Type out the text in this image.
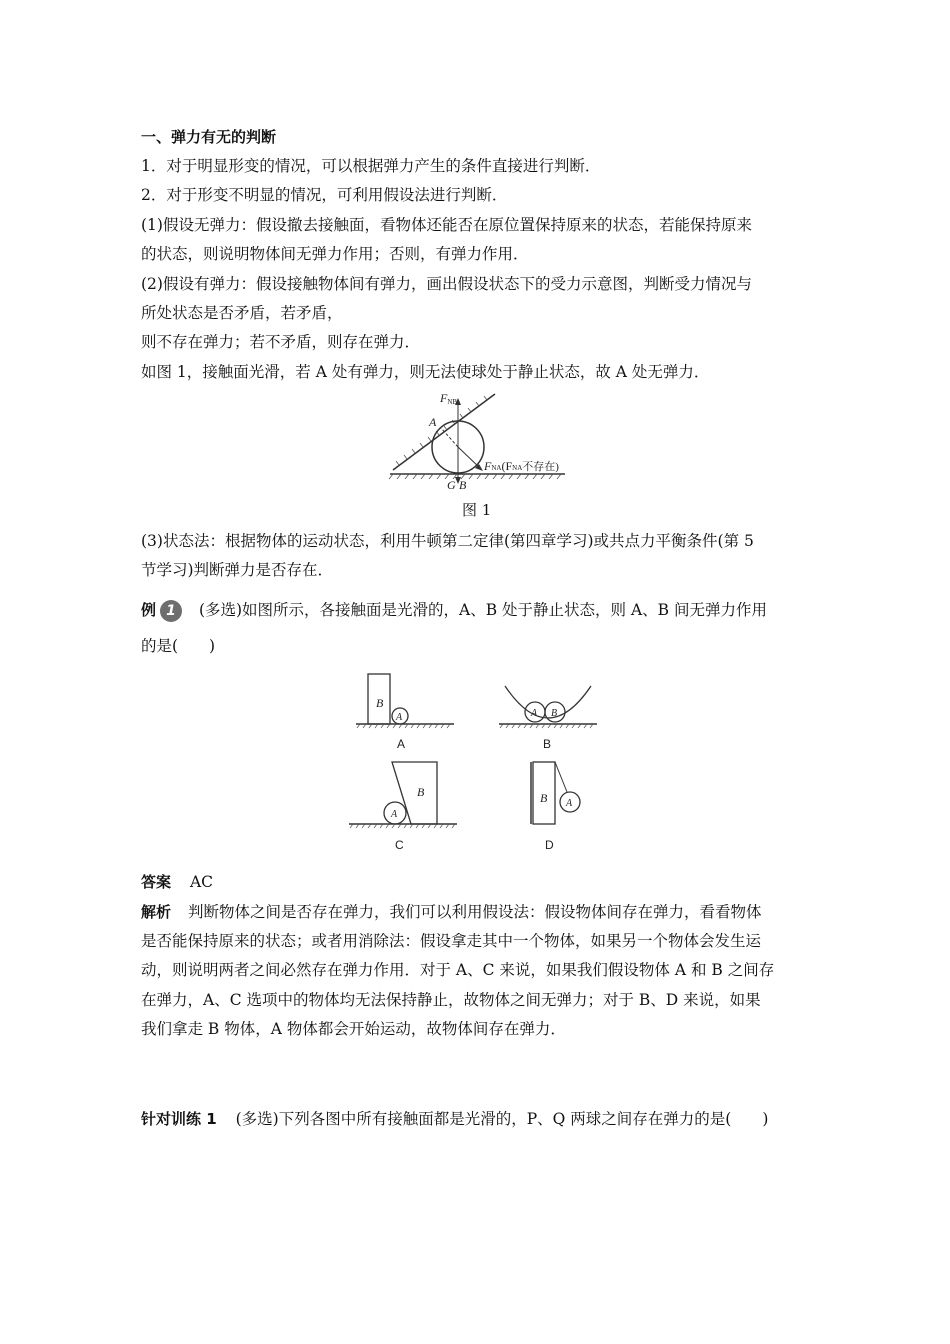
一、弹力有无的判断
1．对于明显形变的情况，可以根据弹力产生的条件直接进行判断．
2．对于形变不明显的情况，可利用假设法进行判断．
(1)假设无弹力：假设撤去接触面，看物体还能否在原位置保持原来的状态，若能保持原来
的状态，则说明物体间无弹力作用；否则，有弹力作用．
(2)假设有弹力：假设接触物体间有弹力，画出假设状态下的受力示意图，判断受力情况与
所处状态是否矛盾，若矛盾，
则不存在弹力；若不矛盾，则存在弹力．
如图 1，接触面光滑，若 A 处有弹力，则无法使球处于静止状态，故 A 处无弹力．
FNB
A
FNA(FNA不存在)
G B
图 1
(3)状态法：根据物体的运动状态，利用牛顿第二定律(第四章学习)或共点力平衡条件(第 5
节学习)判断弹力是否存在．
例 1 (多选)如图所示，各接触面是光滑的，A、B 处于静止状态，则 A、B 间无弹力作用
的是(　　)
B
A
A
A B
B
B
A
C
B A
D
答案 AC
解析 判断物体之间是否存在弹力，我们可以利用假设法：假设物体间存在弹力，看看物体
是否能保持原来的状态；或者用消除法：假设拿走其中一个物体，如果另一个物体会发生运
动，则说明两者之间必然存在弹力作用．对于 A、C 来说，如果我们假设物体 A 和 B 之间存
在弹力，A、C 选项中的物体均无法保持静止，故物体之间无弹力；对于 B、D 来说，如果
我们拿走 B 物体，A 物体都会开始运动，故物体间存在弹力．
针对训练 1 (多选)下列各图中所有接触面都是光滑的，P、Q 两球之间存在弹力的是(　　)
